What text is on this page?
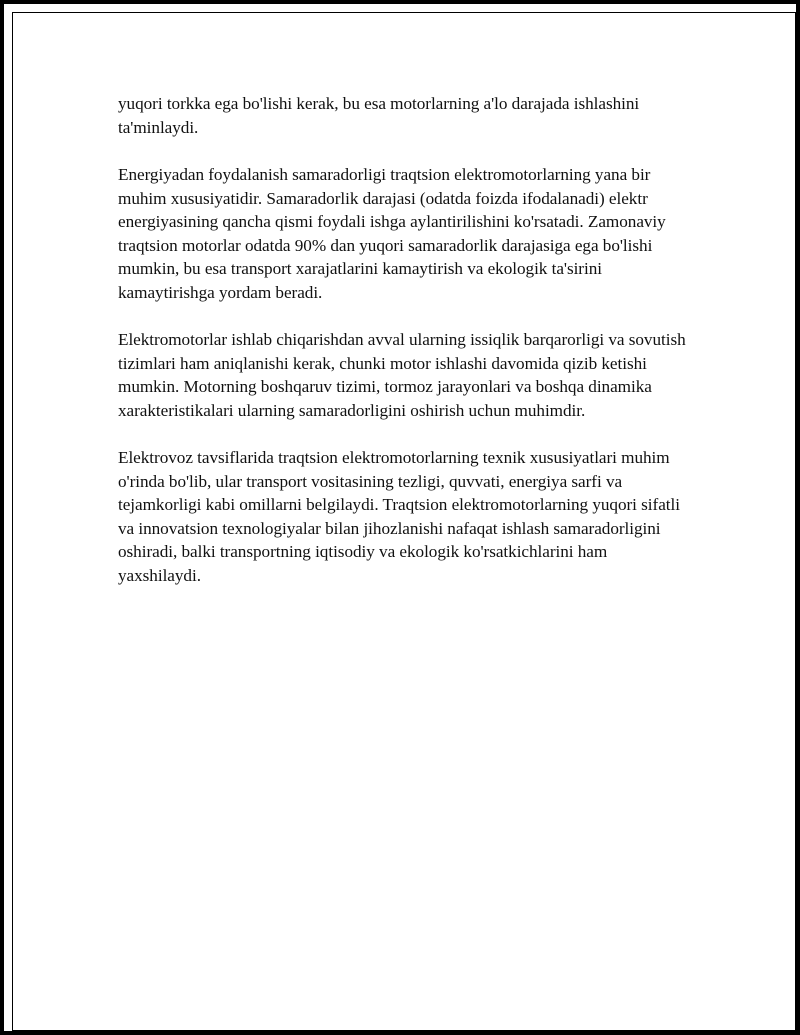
yuqori torkka ega bo'lishi kerak, bu esa motorlarning a'lo darajada ishlashini ta'minlaydi.

Energiyadan foydalanish samaradorligi traqtsion elektromotorlarning yana bir muhim xususiyatidir. Samaradorlik darajasi (odatda foizda ifodalanadi) elektr energiyasining qancha qismi foydali ishga aylantirilishini ko'rsatadi. Zamonaviy traqtsion motorlar odatda 90% dan yuqori samaradorlik darajasiga ega bo'lishi mumkin, bu esa transport xarajatlarini kamaytirish va ekologik ta'sirini kamaytirishga yordam beradi.

Elektromotorlar ishlab chiqarishdan avval ularning issiqlik barqarorligi va sovutish tizimlari ham aniqlanishi kerak, chunki motor ishlashi davomida qizib ketishi mumkin. Motorning boshqaruv tizimi, tormoz jarayonlari va boshqa dinamika xarakteristikalari ularning samaradorligini oshirish uchun muhimdir.

Elektrovoz tavsiflarida traqtsion elektromotorlarning texnik xususiyatlari muhim o'rinda bo'lib, ular transport vositasining tezligi, quvvati, energiya sarfi va tejamkorligi kabi omillarni belgilaydi. Traqtsion elektromotorlarning yuqori sifatli va innovatsion texnologiyalar bilan jihozlanishi nafaqat ishlash samaradorligini oshiradi, balki transportning iqtisodiy va ekologik ko'rsatkichlarini ham yaxshilaydi.
